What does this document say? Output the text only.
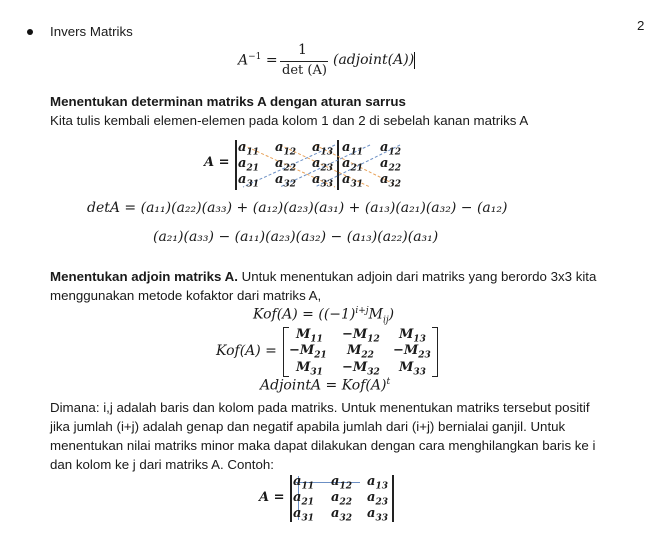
2
Invers Matriks
$A^{-1}$ =
1
det (A)
(adjoint(A))
Menentukan determinan matriks A dengan aturan sarrus
Kita tulis kembali elemen-elemen pada kolom 1 dan 2 di sebelah kanan matriks A
A =
$a_{11}$ $a_{12}$ $a_{13}$ $a_{11}$ $a_{12}$
$a_{21}$ $a_{22}$ $a_{23}$ $a_{21}$ $a_{22}$
$a_{31}$ $a_{32}$ $a_{33}$ $a_{31}$ $a_{32}$
detA = (a₁₁)(a₂₂)(a₃₃) + (a₁₂)(a₂₃)(a₃₁) + (a₁₃)(a₂₁)(a₃₂) − (a₁₂)
(a₂₁)(a₃₃) − (a₁₁)(a₂₃)(a₃₂) − (a₁₃)(a₂₂)(a₃₁)
Menentukan adjoin matriks A. Untuk menentukan adjoin dari matriks yang berordo 3x3 kita
menggunakan metode kofaktor dari matriks A,
$Kof(A) = ((-1)^{i+j}M_{ij})$
Kof(A) =
$M_{11} -M_{12}$ $M_{13}$
$-M_{21}$ $M_{22} -M_{23}$
$M_{31} -M_{32}$ $M_{33}$
AdjointA = $Kof(A)^t$
Dimana: i,j adalah baris dan kolom pada matriks. Untuk menentukan matriks tersebut positif
jika jumlah (i+j) adalah genap dan negatif apabila jumlah dari (i+j) bernialai ganjil. Untuk
menentukan nilai matriks minor maka dapat dilakukan dengan cara menghilangkan baris ke i
dan kolom ke j dari matriks A. Contoh:
A =
$a_{11}$ $a_{12}$ $a_{13}$
$a_{21}$ $a_{22}$ $a_{23}$
$a_{31}$ $a_{32}$ $a_{33}$
